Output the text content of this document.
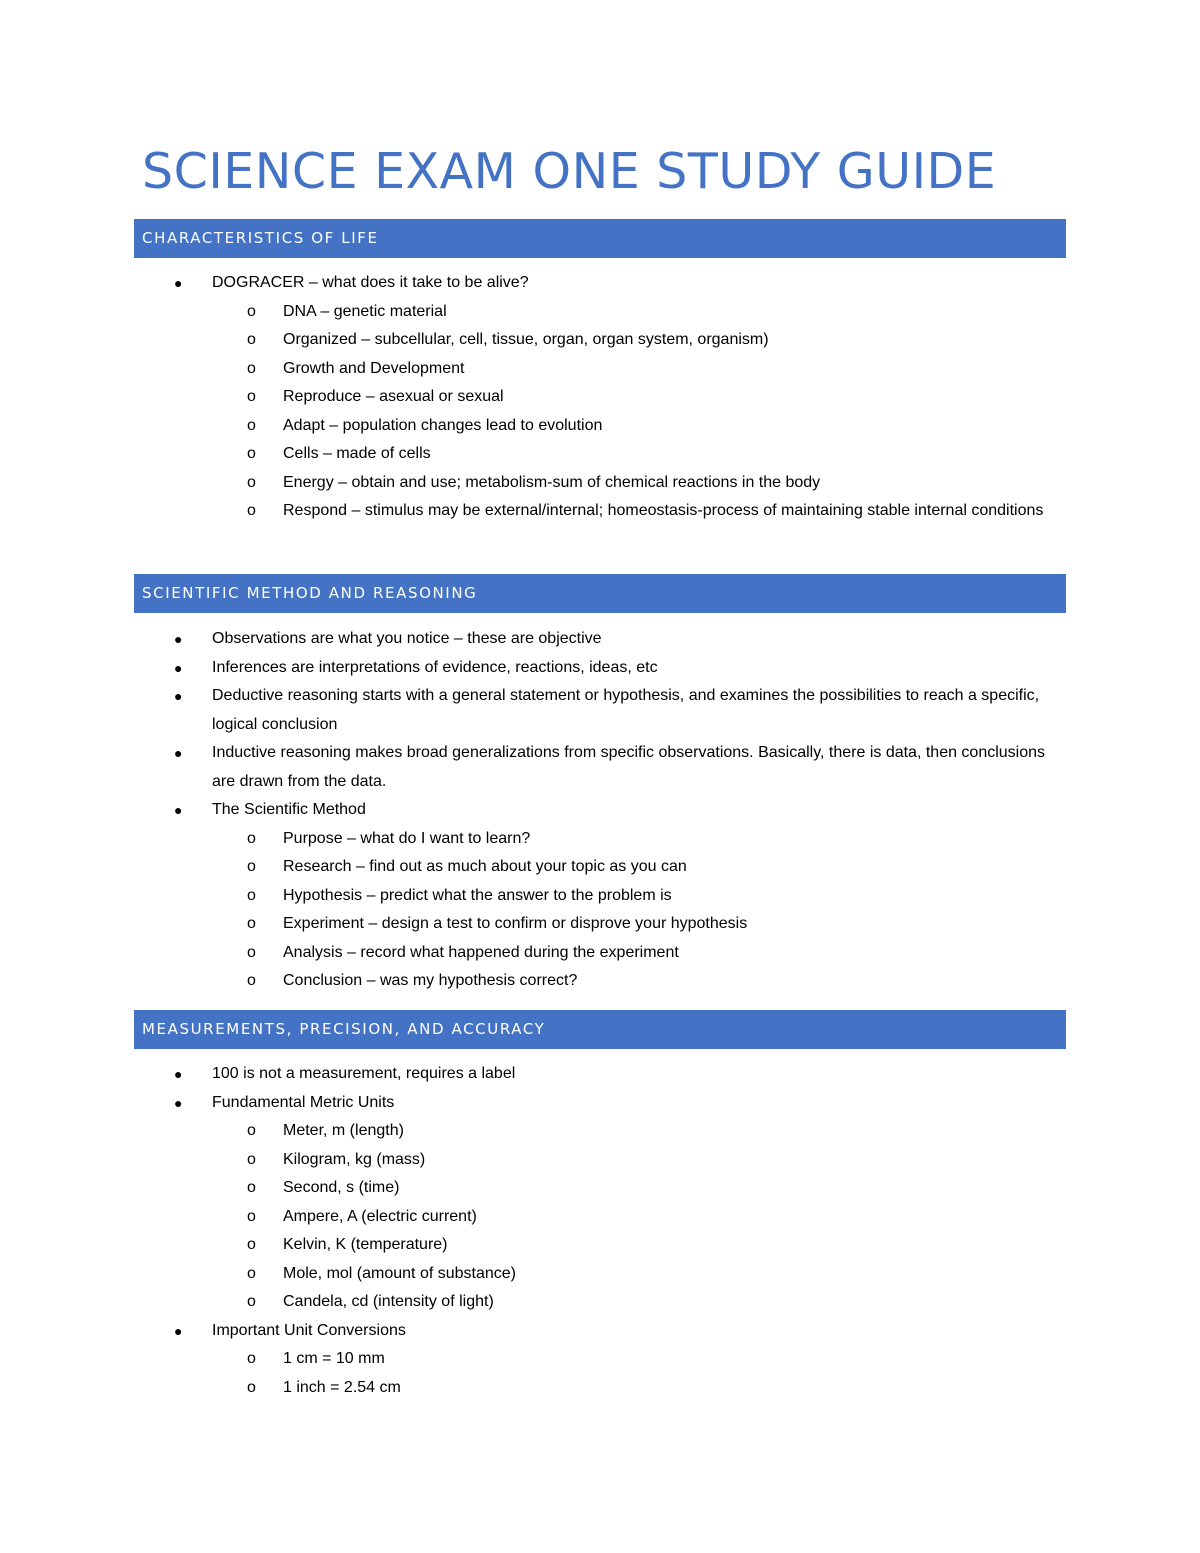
SCIENCE EXAM ONE STUDY GUIDE
CHARACTERISTICS OF LIFE
● DOGRACER – what does it take to be alive?
o DNA – genetic material
o Organized – subcellular, cell, tissue, organ, organ system, organism)
o Growth and Development
o Reproduce – asexual or sexual
o Adapt – population changes lead to evolution
o Cells – made of cells
o Energy – obtain and use; metabolism-sum of chemical reactions in the body
o Respond – stimulus may be external/internal; homeostasis-process of maintaining stable internal conditions
SCIENTIFIC METHOD AND REASONING
● Observations are what you notice – these are objective
● Inferences are interpretations of evidence, reactions, ideas, etc
● Deductive reasoning starts with a general statement or hypothesis, and examines the possibilities to reach a specific, logical conclusion
● Inductive reasoning makes broad generalizations from specific observations. Basically, there is data, then conclusions are drawn from the data.
● The Scientific Method
o Purpose – what do I want to learn?
o Research – find out as much about your topic as you can
o Hypothesis – predict what the answer to the problem is
o Experiment – design a test to confirm or disprove your hypothesis
o Analysis – record what happened during the experiment
o Conclusion – was my hypothesis correct?
MEASUREMENTS, PRECISION, AND ACCURACY
● 100 is not a measurement, requires a label
● Fundamental Metric Units
o Meter, m (length)
o Kilogram, kg (mass)
o Second, s (time)
o Ampere, A (electric current)
o Kelvin, K (temperature)
o Mole, mol (amount of substance)
o Candela, cd (intensity of light)
● Important Unit Conversions
o 1 cm = 10 mm
o 1 inch = 2.54 cm
